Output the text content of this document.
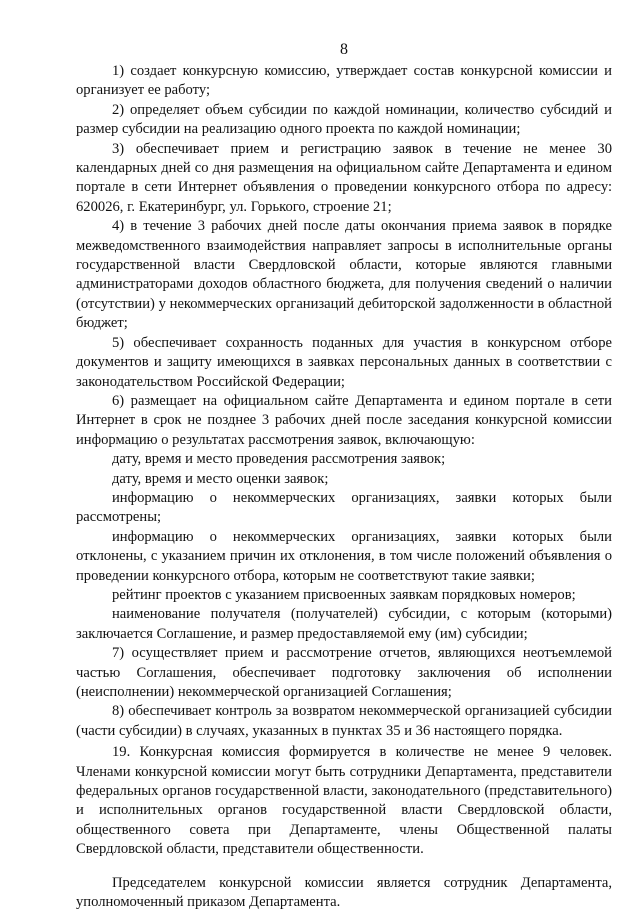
8

1) создает конкурсную комиссию, утверждает состав конкурсной комиссии и организует ее работу;

2) определяет объем субсидии по каждой номинации, количество субсидий и размер субсидии на реализацию одного проекта по каждой номинации;

3) обеспечивает прием и регистрацию заявок в течение не менее 30 календарных дней со дня размещения на официальном сайте Департамента и едином портале в сети Интернет объявления о проведении конкурсного отбора по адресу: 620026, г. Екатеринбург, ул. Горького, строение 21;

4) в течение 3 рабочих дней после даты окончания приема заявок в порядке межведомственного взаимодействия направляет запросы в исполнительные органы государственной власти Свердловской области, которые являются главными администраторами доходов областного бюджета, для получения сведений о наличии (отсутствии) у некоммерческих организаций дебиторской задолженности в областной бюджет;

5) обеспечивает сохранность поданных для участия в конкурсном отборе документов и защиту имеющихся в заявках персональных данных в соответствии с законодательством Российской Федерации;

6) размещает на официальном сайте Департамента и едином портале в сети Интернет в срок не позднее 3 рабочих дней после заседания конкурсной комиссии информацию о результатах рассмотрения заявок, включающую:

дату, время и место проведения рассмотрения заявок;

дату, время и место оценки заявок;

информацию о некоммерческих организациях, заявки которых были рассмотрены;

информацию о некоммерческих организациях, заявки которых были отклонены, с указанием причин их отклонения, в том числе положений объявления о проведении конкурсного отбора, которым не соответствуют такие заявки;

рейтинг проектов с указанием присвоенных заявкам порядковых номеров;

наименование получателя (получателей) субсидии, с которым (которыми) заключается Соглашение, и размер предоставляемой ему (им) субсидии;

7) осуществляет прием и рассмотрение отчетов, являющихся неотъемлемой частью Соглашения, обеспечивает подготовку заключения об исполнении (неисполнении) некоммерческой организацией Соглашения;

8) обеспечивает контроль за возвратом некоммерческой организацией субсидии (части субсидии) в случаях, указанных в пунктах 35 и 36 настоящего порядка.

19. Конкурсная комиссия формируется в количестве не менее 9 человек. Членами конкурсной комиссии могут быть сотрудники Департамента, представители федеральных органов государственной власти, законодательного (представительного) и исполнительных органов государственной власти Свердловской области, общественного совета при Департаменте, члены Общественной палаты Свердловской области, представители общественности.

Председателем конкурсной комиссии является сотрудник Департамента, уполномоченный приказом Департамента.
